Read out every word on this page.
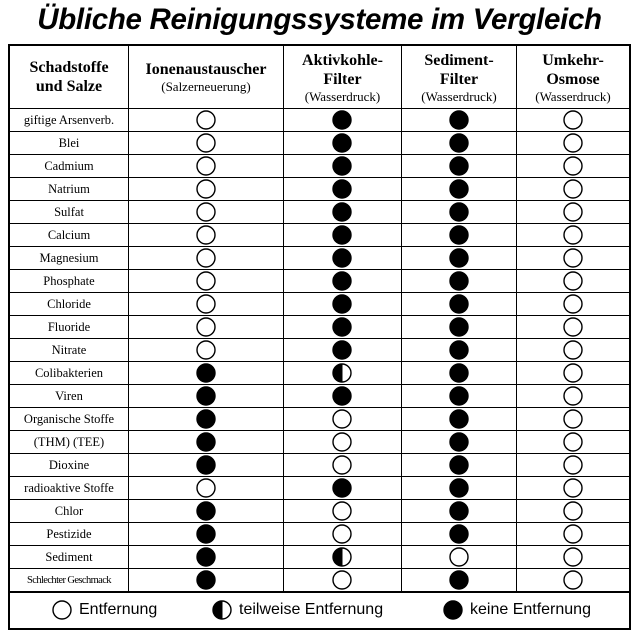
Übliche Reinigungssysteme im Vergleich
Schadstoffe
und Salze
Ionenaustauscher
(Salzerneuerung)
Aktivkohle-
Filter
(Wasserdruck)
Sediment-
Filter
(Wasserdruck)
Umkehr-
Osmose
(Wasserdruck)
giftige Arsenverb.
Blei
Cadmium
Natrium
Sulfat
Calcium
Magnesium
Phosphate
Chloride
Fluoride
Nitrate
Colibakterien
Viren
Organische Stoffe
(THM) (TEE)
Dioxine
radioaktive Stoffe
Chlor
Pestizide
Sediment
Schlechter Geschmack
Entfernung	teilweise Entfernung	keine Entfernung
